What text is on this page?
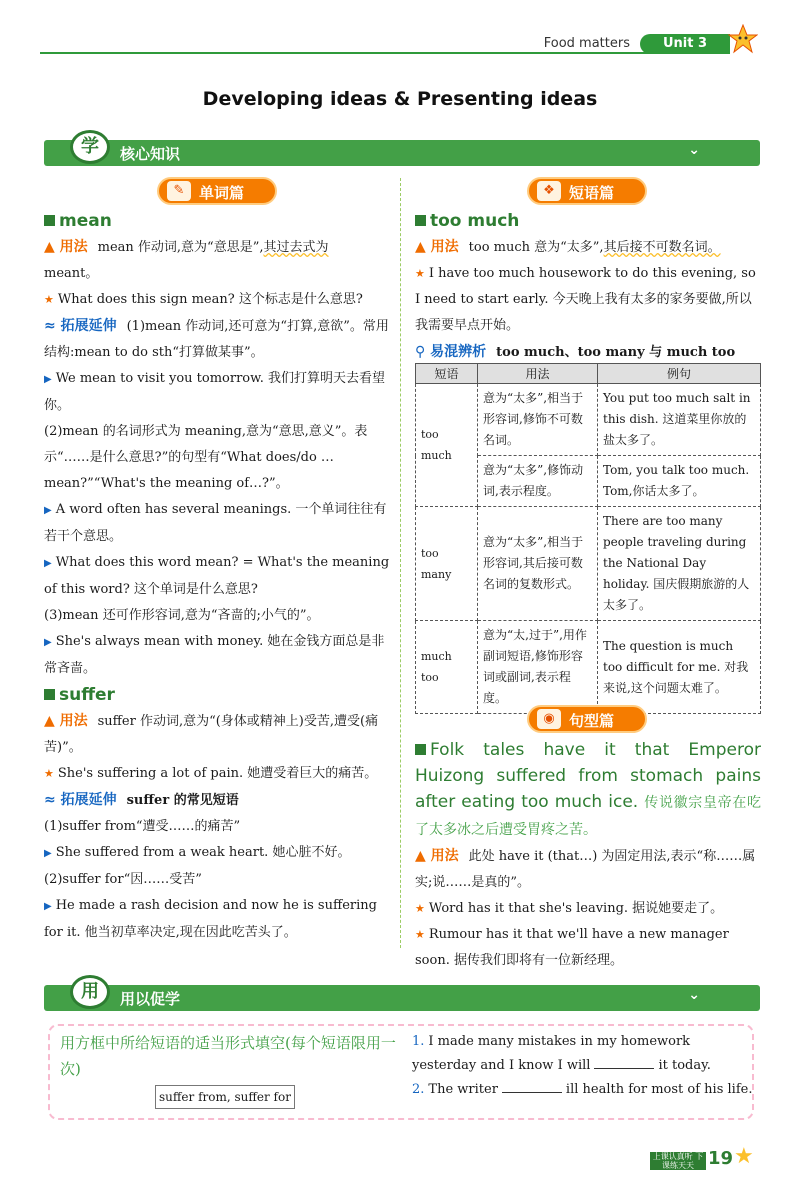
Food matters	Unit 3
Developing ideas & Presenting ideas
学	核心知识	⌄
✎ 单词篇	❖ 短语篇
mean
▲ 用法 mean 作动词,意为“意思是”,其过去式为
meant。
★ What does this sign mean? 这个标志是什么意思?
≈ 拓展延伸 (1)mean 作动词,还可意为“打算,意欲”。常用结构:mean to do sth“打算做某事”。
▶ We mean to visit you tomorrow. 我们打算明天去看望你。
(2)mean 的名词形式为 meaning,意为“意思,意义”。表示“……是什么意思?”的句型有“What does/do … mean?”“What's the meaning of…?”。
▶ A word often has several meanings. 一个单词往往有若干个意思。
▶ What does this word mean? = What's the meaning of this word? 这个单词是什么意思?
(3)mean 还可作形容词,意为“吝啬的;小气的”。
▶ She's always mean with money. 她在金钱方面总是非常吝啬。
suffer
▲ 用法 suffer 作动词,意为“(身体或精神上)受苦,遭受(痛苦)”。
★ She's suffering a lot of pain. 她遭受着巨大的痛苦。
≈ 拓展延伸 suffer 的常见短语
(1)suffer from“遭受……的痛苦”
▶ She suffered from a weak heart. 她心脏不好。
(2)suffer for“因……受苦”
▶ He made a rash decision and now he is suffering for it. 他当初草率决定,现在因此吃苦头了。
too much
▲ 用法 too much 意为“太多”,其后接不可数名词。
★ I have too much housework to do this evening, so I need to start early. 今天晚上我有太多的家务要做,所以我需要早点开始。
⚲ 易混辨析 too much、too many 与 much too
短语	用法	例句
too much	意为“太多”,相当于形容词,修饰不可数名词。	You put too much salt in this dish. 这道菜里你放的盐太多了。
	意为“太多”,修饰动词,表示程度。	Tom, you talk too much. Tom,你话太多了。
too many	意为“太多”,相当于形容词,其后接可数名词的复数形式。	There are too many people traveling during the National Day holiday. 国庆假期旅游的人太多了。
much too	意为“太,过于”,用作副词短语,修饰形容词或副词,表示程度。	The question is much too difficult for me. 对我来说,这个问题太难了。
◉ 句型篇
Folk tales have it that Emperor Huizong suffered from stomach pains after eating too much ice. 传说徽宗皇帝在吃了太多冰之后遭受胃疼之苦。
▲ 用法 此处 have it (that…) 为固定用法,表示“称……属实;说……是真的”。
★ Word has it that she's leaving. 据说她要走了。
★ Rumour has it that we'll have a new manager soon. 据传我们即将有一位新经理。
用	用以促学	⌄
用方框中所给短语的适当形式填空(每个短语限用一次)
suffer from, suffer for
1. I made many mistakes in my homework yesterday and I know I will	it today.
2. The writer	ill health for most of his life.
上课认真听 下课练天天 19 ★
